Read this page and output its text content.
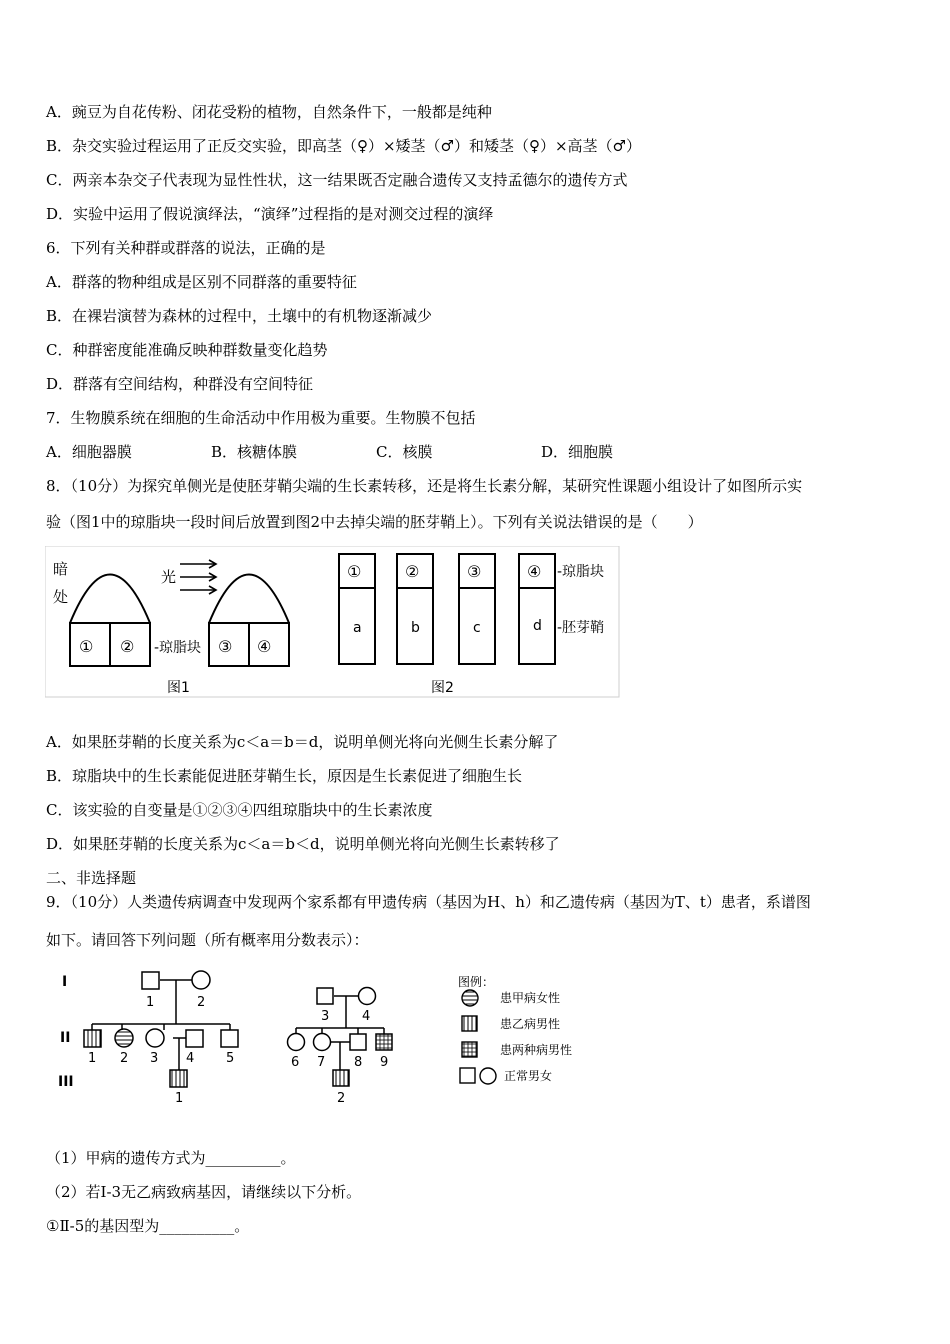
A．豌豆为自花传粉、闭花受粉的植物，自然条件下，一般都是纯种
B．杂交实验过程运用了正反交实验，即高茎（♀）×矮茎（♂）和矮茎（♀）×高茎（♂）
C．两亲本杂交子代表现为显性性状，这一结果既否定融合遗传又支持孟德尔的遗传方式
D．实验中运用了假说演绎法，“演绎”过程指的是对测交过程的演绎
6．下列有关种群或群落的说法，正确的是
A．群落的物种组成是区别不同群落的重要特征
B．在裸岩演替为森林的过程中，土壤中的有机物逐渐减少
C．种群密度能准确反映种群数量变化趋势
D．群落有空间结构，种群没有空间特征
7．生物膜系统在细胞的生命活动中作用极为重要。生物膜不包括
A．细胞器膜	B．核糖体膜	C．核膜	D．细胞膜
8．（10分）为探究单侧光是使胚芽鞘尖端的生长素转移，还是将生长素分解，某研究性课题小组设计了如图所示实
验（图1中的琼脂块一段时间后放置到图2中去掉尖端的胚芽鞘上）。下列有关说法错误的是（　　）
暗
处
① ② -琼脂块
光
③ ④
图1
①	②	③	④
a	b	c	d
-琼脂块
-胚芽鞘
图2
A．如果胚芽鞘的长度关系为c＜a＝b＝d，说明单侧光将向光侧生长素分解了
B．琼脂块中的生长素能促进胚芽鞘生长，原因是生长素促进了细胞生长
C．该实验的自变量是①②③④四组琼脂块中的生长素浓度
D．如果胚芽鞘的长度关系为c＜a＝b＜d，说明单侧光将向光侧生长素转移了
二、非选择题
9．（10分）人类遗传病调查中发现两个家系都有甲遗传病（基因为H、h）和乙遗传病（基因为T、t）患者，系谱图
如下。请回答下列问题（所有概率用分数表示）：
I
II
III
1	2
1 2 3 4 5
1
3	4
6 7 8 9
2
图例：
患甲病女性
患乙病男性
患两种病男性
正常男女
（1）甲病的遗传方式为__________。
（2）若I-3无乙病致病基因，请继续以下分析。
①Ⅱ-5的基因型为__________。
